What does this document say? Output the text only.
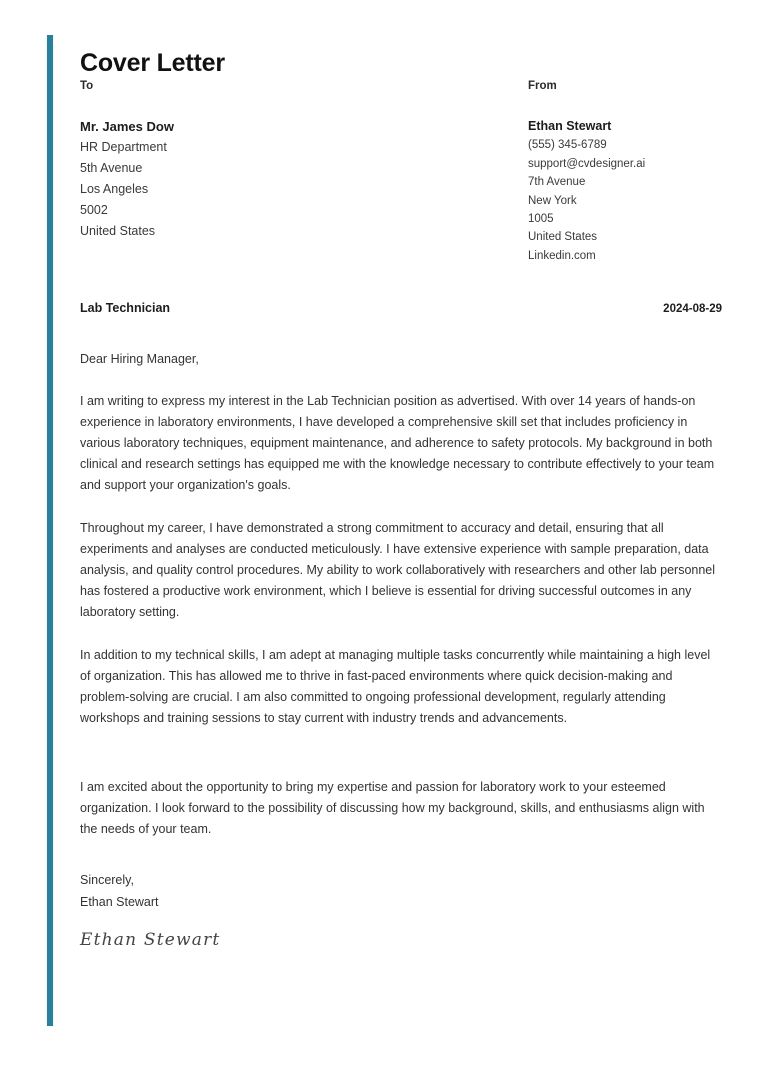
Cover Letter
To
Mr. James Dow
HR Department
5th Avenue
Los Angeles
5002
United States
From
Ethan Stewart
(555) 345-6789
support@cvdesigner.ai
7th Avenue
New York
1005
United States
Linkedin.com
Lab Technician	2024-08-29
Dear Hiring Manager,

I am writing to express my interest in the Lab Technician position as advertised. With over 14 years of hands-on experience in laboratory environments, I have developed a comprehensive skill set that includes proficiency in various laboratory techniques, equipment maintenance, and adherence to safety protocols. My background in both clinical and research settings has equipped me with the knowledge necessary to contribute effectively to your team and support your organization's goals.

Throughout my career, I have demonstrated a strong commitment to accuracy and detail, ensuring that all experiments and analyses are conducted meticulously. I have extensive experience with sample preparation, data analysis, and quality control procedures. My ability to work collaboratively with researchers and other lab personnel has fostered a productive work environment, which I believe is essential for driving successful outcomes in any laboratory setting.

In addition to my technical skills, I am adept at managing multiple tasks concurrently while maintaining a high level of organization. This has allowed me to thrive in fast-paced environments where quick decision-making and problem-solving are crucial. I am also committed to ongoing professional development, regularly attending workshops and training sessions to stay current with industry trends and advancements.

I am excited about the opportunity to bring my expertise and passion for laboratory work to your esteemed organization. I look forward to the possibility of discussing how my background, skills, and enthusiasms align with the needs of your team.

Sincerely,
Ethan Stewart
Ethan Stewart
